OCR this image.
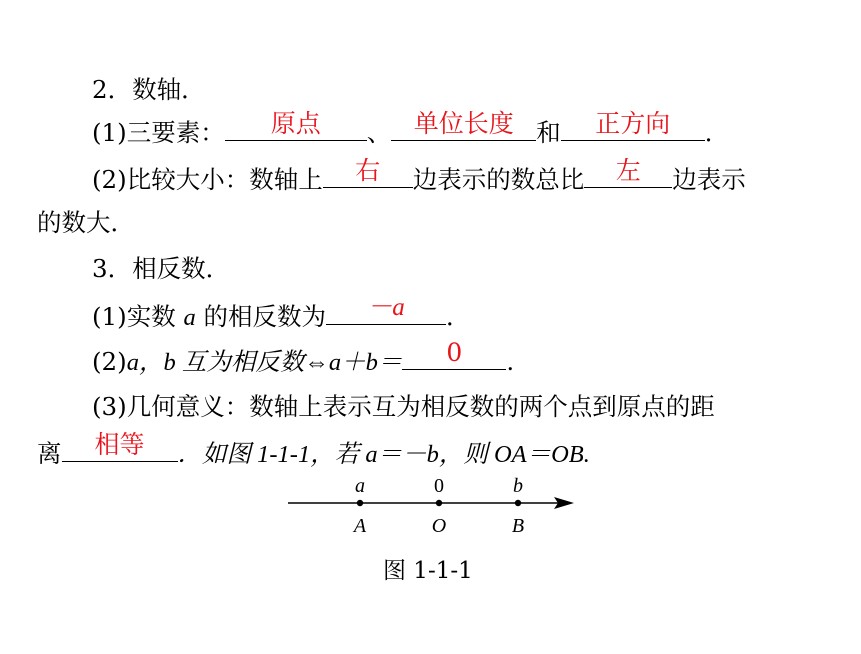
2．数轴．
(1)三要素：	原点	、 单位长度 和	正方向	．
(2)比较大小：数轴上	右	边表示的数总比	左	边表示
的数大．
3．相反数．
(1)实数 a 的相反数为	－a	．
(2)a，b 互为相反数⇔a＋b＝	0	.
(3)几何意义：数轴上表示互为相反数的两个点到原点的距
离	相等	．如图 1-1-1，若 a＝－b，则 OA＝OB.
a	0	b
A	O	B
图 1-1-1
